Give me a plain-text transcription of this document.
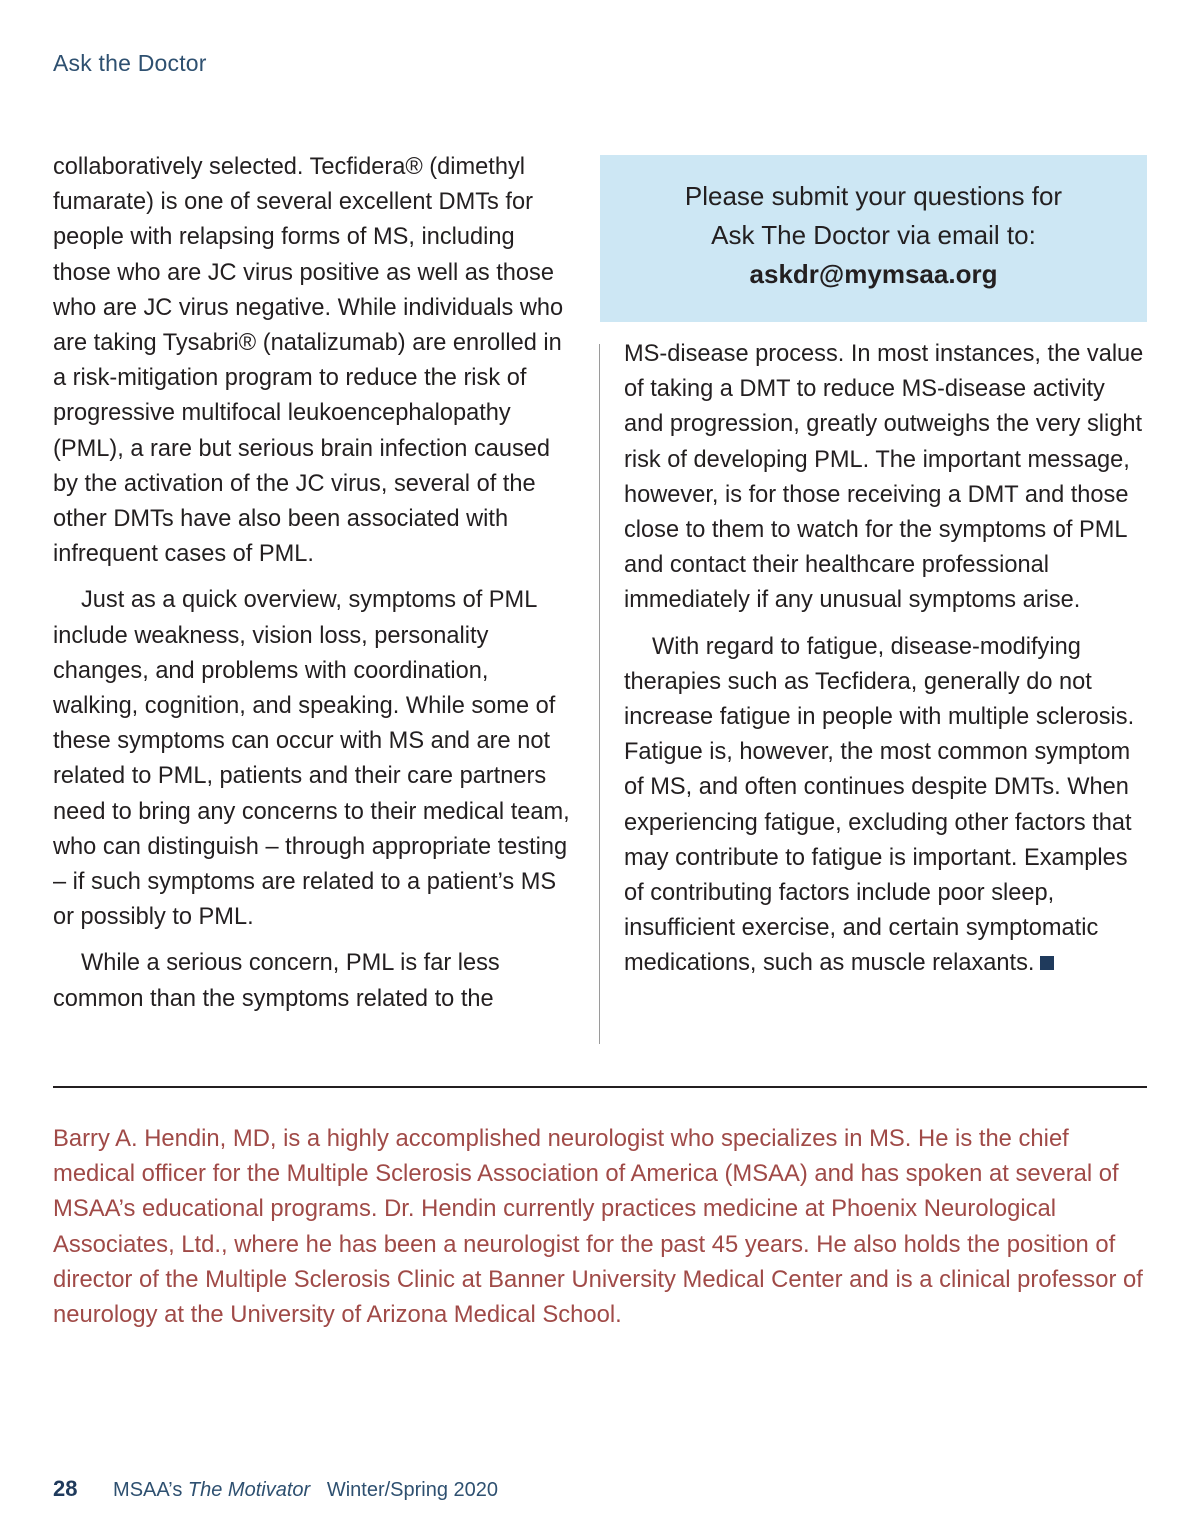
Ask the Doctor

collaboratively selected. Tecfidera® (dimethyl fumarate) is one of several excellent DMTs for people with relapsing forms of MS, including those who are JC virus positive as well as those who are JC virus negative. While individuals who are taking Tysabri® (natalizumab) are enrolled in a risk-mitigation program to reduce the risk of progressive multifocal leukoencephalopathy (PML), a rare but serious brain infection caused by the activation of the JC virus, several of the other DMTs have also been associated with infrequent cases of PML.

Just as a quick overview, symptoms of PML include weakness, vision loss, personality changes, and problems with coordination, walking, cognition, and speaking. While some of these symptoms can occur with MS and are not related to PML, patients and their care partners need to bring any concerns to their medical team, who can distinguish – through appropriate testing – if such symptoms are related to a patient’s MS or possibly to PML.

While a serious concern, PML is far less common than the symptoms related to the

Please submit your questions for
Ask The Doctor via email to:
askdr@mymsaa.org

MS-disease process. In most instances, the value of taking a DMT to reduce MS-disease activity and progression, greatly outweighs the very slight risk of developing PML. The important message, however, is for those receiving a DMT and those close to them to watch for the symptoms of PML and contact their healthcare professional immediately if any unusual symptoms arise.

With regard to fatigue, disease-modifying therapies such as Tecfidera, generally do not increase fatigue in people with multiple sclerosis. Fatigue is, however, the most common symptom of MS, and often continues despite DMTs. When experiencing fatigue, excluding other factors that may contribute to fatigue is important. Examples of contributing factors include poor sleep, insufficient exercise, and certain symptomatic medications, such as muscle relaxants.

Barry A. Hendin, MD, is a highly accomplished neurologist who specializes in MS. He is the chief medical officer for the Multiple Sclerosis Association of America (MSAA) and has spoken at several of MSAA’s educational programs. Dr. Hendin currently practices medicine at Phoenix Neurological Associates, Ltd., where he has been a neurologist for the past 45 years. He also holds the position of director of the Multiple Sclerosis Clinic at Banner University Medical Center and is a clinical professor of neurology at the University of Arizona Medical School.

28 MSAA’s The Motivator Winter/Spring 2020
